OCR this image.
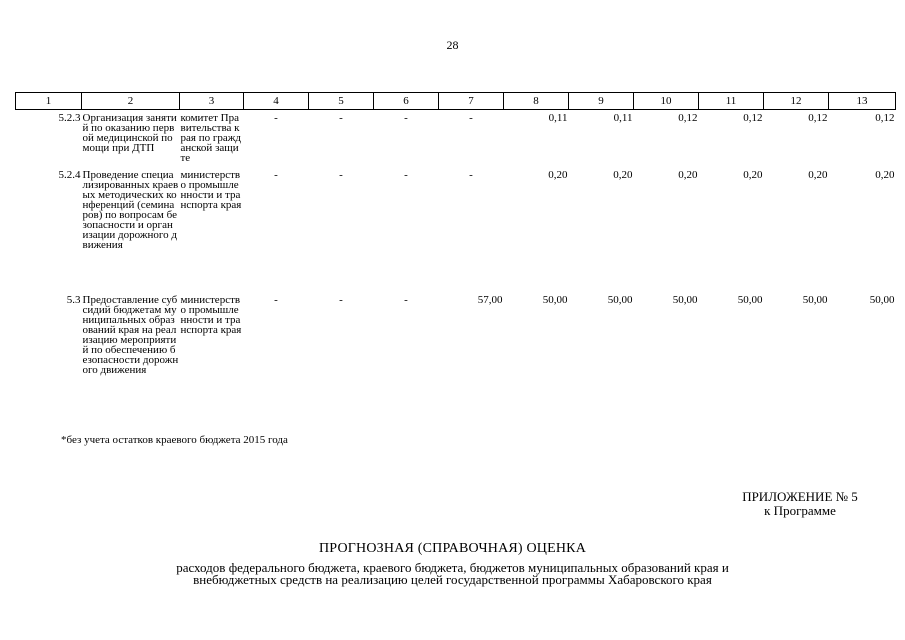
28
1	2	3	4	5	6	7	8	9	10	11	12	13
5.2.3	Организация занятий по оказанию первой медицинской помощи при ДТП	комитет Правительства края по гражданской защите	-	-	-	-	0,11	0,11	0,12	0,12	0,12	0,12
5.2.4	Проведение специализированных краевых методических конференций (семинаров) по вопросам безопасности и организации дорожного движения	министерство промышленности и транспорта края	-	-	-	-	0,20	0,20	0,20	0,20	0,20	0,20
5.3	Предоставление субсидий бюджетам муниципальных образований края на реализацию мероприятий по обеспечению безопасности дорожного движения	министерство промышленности и транспорта края	-	-	-	57,00	50,00	50,00	50,00	50,00	50,00	50,00
*без учета остатков краевого бюджета 2015 года
ПРИЛОЖЕНИЕ № 5
к Программе
ПРОГНОЗНАЯ (СПРАВОЧНАЯ) ОЦЕНКА
расходов федерального бюджета, краевого бюджета, бюджетов муниципальных образований края и
внебюджетных средств на реализацию целей государственной программы Хабаровского края
